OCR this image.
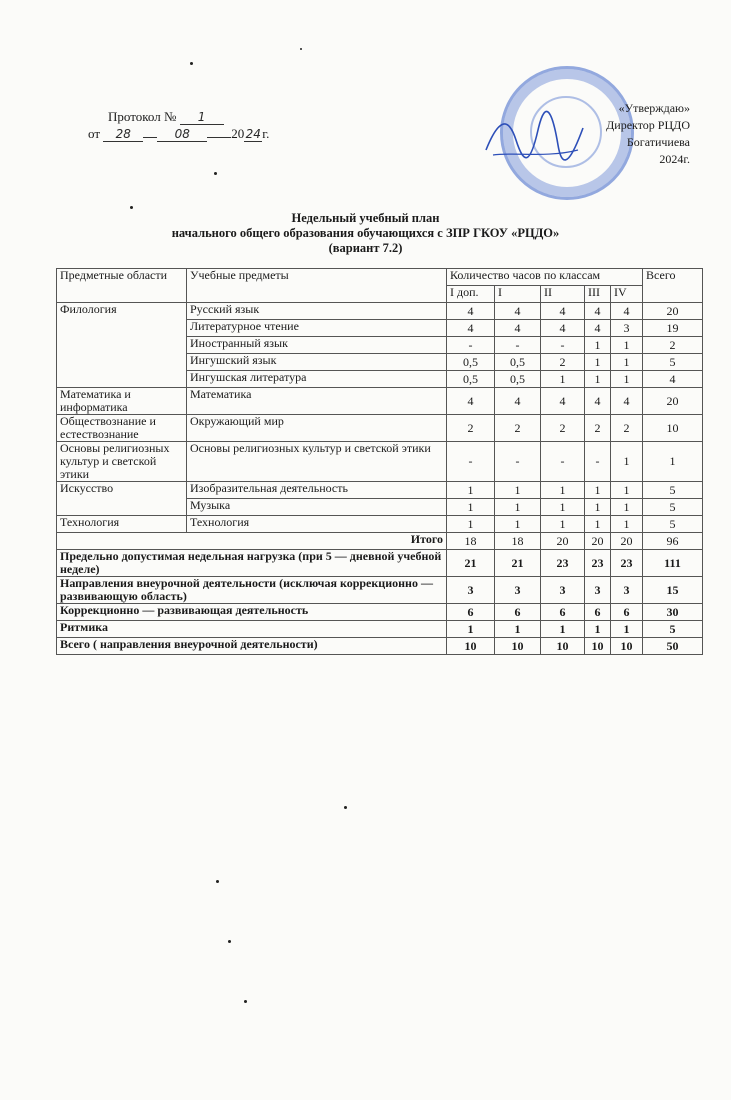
Протокол № 1
от 28	08	2024г.
«Утверждаю»
Директор РЦДО
Богатичиева
2024г.
Недельный учебный план
начального общего образования обучающихся с ЗПР ГКОУ «РЦДО»
(вариант 7.2)
Предметные области	Учебные предметы	Количество часов по классам					Всего
		I доп.	I	II	III	IV	
Филология	Русский язык	4	4	4	4	4	20
	Литературное чтение	4	4	4	4	3	19
	Иностранный язык	-	-	-	1	1	2
	Ингушский язык	0,5	0,5	2	1	1	5
	Ингушская литература	0,5	0,5	1	1	1	4
Математика и информатика	Математика	4	4	4	4	4	20
Обществознание и естествознание	Окружающий мир	2	2	2	2	2	10
Основы религиозных культур и светской этики	Основы религиозных культур и светской этики	-	-	-	-	1	1
Искусство	Изобразительная деятельность	1	1	1	1	1	5
	Музыка	1	1	1	1	1	5
Технология	Технология	1	1	1	1	1	5
Итого		18	18	20	20	20	96
Предельно допустимая недельная нагрузка (при 5 — дневной учебной неделе)		21	21	23	23	23	111
Направления внеурочной деятельности (исключая коррекционно — развивающую область)		3	3	3	3	3	15
Коррекционно — развивающая деятельность		6	6	6	6	6	30
Ритмика		1	1	1	1	1	5
Всего ( направления внеурочной деятельности)		10	10	10	10	10	50
